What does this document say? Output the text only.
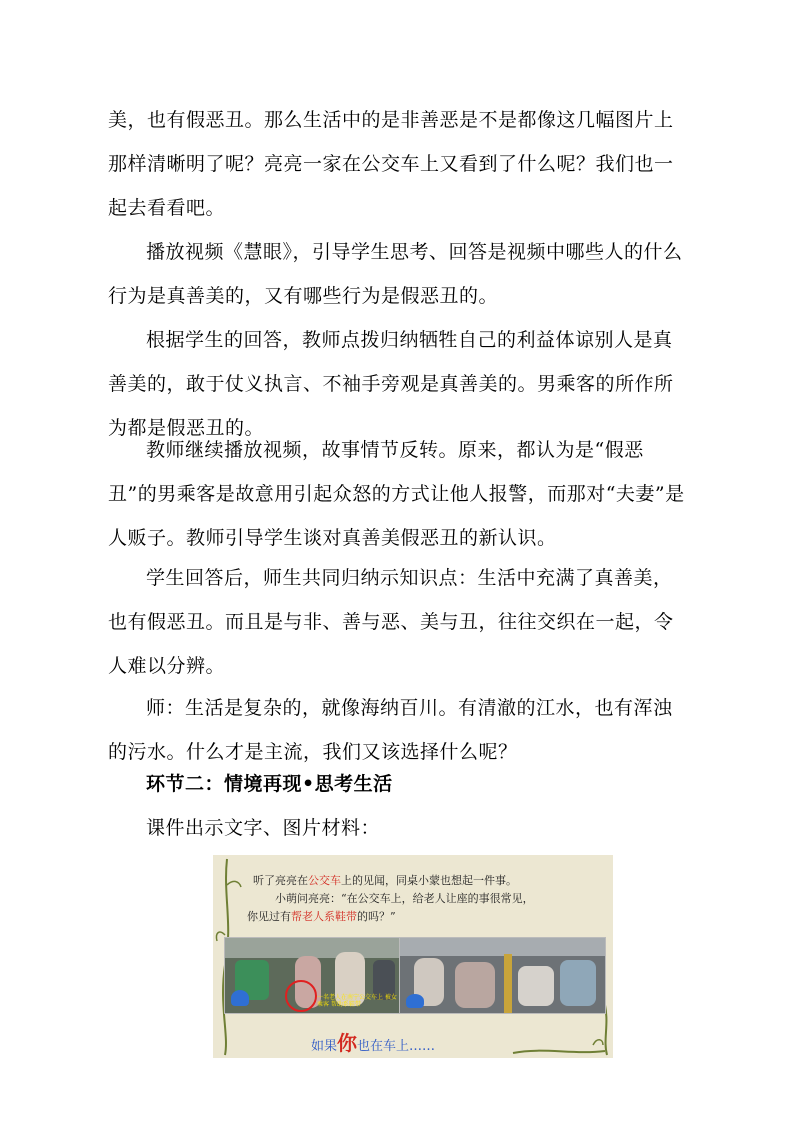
美，也有假恶丑。那么生活中的是非善恶是不是都像这几幅图片上那样清晰明了呢？亮亮一家在公交车上又看到了什么呢？我们也一起去看看吧。

播放视频《慧眼》，引导学生思考、回答是视频中哪些人的什么行为是真善美的，又有哪些行为是假恶丑的。

根据学生的回答，教师点拨归纳牺牲自己的利益体谅别人是真善美的，敢于仗义执言、不袖手旁观是真善美的。男乘客的所作所为都是假恶丑的。

教师继续播放视频，故事情节反转。原来，都认为是“假恶丑”的男乘客是故意用引起众怒的方式让他人报警，而那对“夫妻”是人贩子。教师引导学生谈对真善美假恶丑的新认识。

学生回答后，师生共同归纳示知识点：生活中充满了真善美，也有假恶丑。而且是与非、善与恶、美与丑，往往交织在一起，令人难以分辨。

师：生活是复杂的，就像海纳百川。有清澈的江水，也有浑浊的污水。什么才是主流，我们又该选择什么呢？

环节二：情境再现•思考生活

课件出示文字、图片材料：

听了亮亮在公交车上的见闻，同桌小蒙也想起一件事。
小萌问亮亮：“在公交车上，给老人让座的事很常见，
你见过有帮老人系鞋带的吗？”
一名老人在南宁公交车上 被女乘客 帮助系鞋带
如果你也在车上……
